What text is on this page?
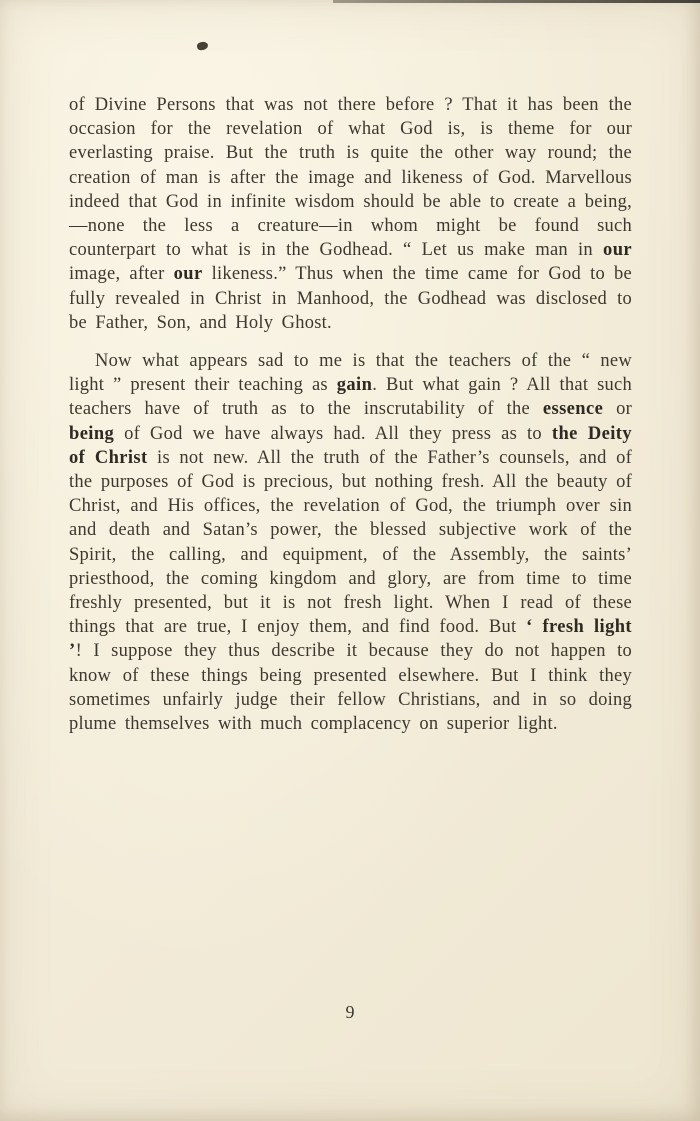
of Divine Persons that was not there before ? That it has been the occasion for the revelation of what God is, is theme for our everlasting praise. But the truth is quite the other way round; the creation of man is after the image and likeness of God. Marvellous indeed that God in infinite wisdom should be able to create a being,—none the less a creature—in whom might be found such counterpart to what is in the Godhead. “ Let us make man in our image, after our likeness.” Thus when the time came for God to be fully revealed in Christ in Manhood, the Godhead was disclosed to be Father, Son, and Holy Ghost.

Now what appears sad to me is that the teachers of the “ new light ” present their teaching as gain. But what gain ? All that such teachers have of truth as to the inscrutability of the essence or being of God we have always had. All they press as to the Deity of Christ is not new. All the truth of the Father’s counsels, and of the purposes of God is precious, but nothing fresh. All the beauty of Christ, and His offices, the revelation of God, the triumph over sin and death and Satan’s power, the blessed subjective work of the Spirit, the calling, and equipment, of the Assembly, the saints’ priesthood, the coming kingdom and glory, are from time to time freshly presented, but it is not fresh light. When I read of these things that are true, I enjoy them, and find food. But ‘ fresh light ’! I suppose they thus describe it because they do not happen to know of these things being presented elsewhere. But I think they sometimes unfairly judge their fellow Christians, and in so doing plume themselves with much complacency on superior light.

9
